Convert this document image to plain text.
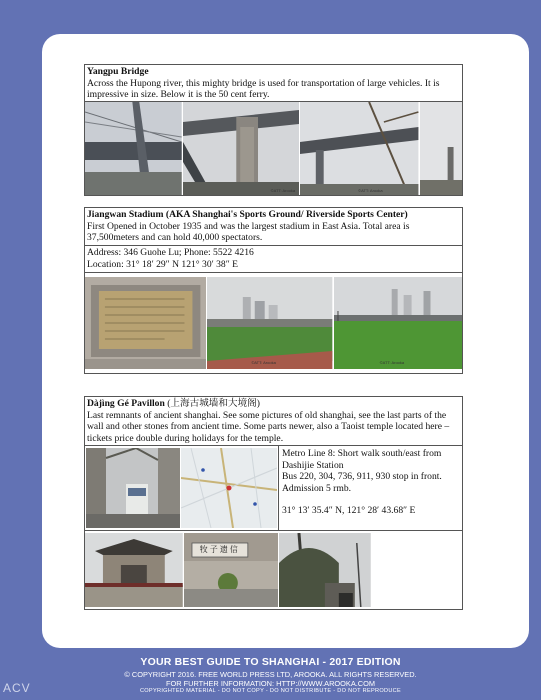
Yangpu Bridge
Across the Hupong river, this mighty bridge is used for transportation of large vehicles. It is impressive in size. Below it is the 50 cent ferry.
©ATT: Arooka	©ATT: Arooka
Jiangwan Stadium (AKA Shanghai's Sports Ground/ Riverside Sports Center)
First Opened in October 1935 and was the largest stadium in East Asia. Total area is 37,500meters and can hold 40,000 spectators.
Address: 346 Guohe Lu; Phone: 5522 4216
Location: 31° 18′ 29″ N 121° 30′ 38″ E
©ATT: Arooka	©ATT: Arooka
Dàjìng Gé Pavillon (上海古城墙和大境阁)
Last remnants of ancient shanghai. See some pictures of old shanghai, see the last parts of the wall and other stones from ancient time. Some parts newer, also a Taoist temple located here – tickets price double during holidays for the temple.
Metro Line 8: Short walk south/east from Dashijie Station
Bus 220, 304, 736, 911, 930 stop in front.
Admission 5 rmb.
31° 13′ 35.4″ N, 121° 28′ 43.68″ E
牧子遗信
YOUR BEST GUIDE TO SHANGHAI - 2017 EDITION
© COPYRIGHT 2016. FREE WORLD PRESS LTD, AROOKA. ALL RIGHTS RESERVED.
FOR FURTHER INFORMATION: HTTP://WWW.AROOKA.COM
COPYRIGHTED MATERIAL - DO NOT COPY - DO NOT DISTRIBUTE - DO NOT REPRODUCE
ACV
